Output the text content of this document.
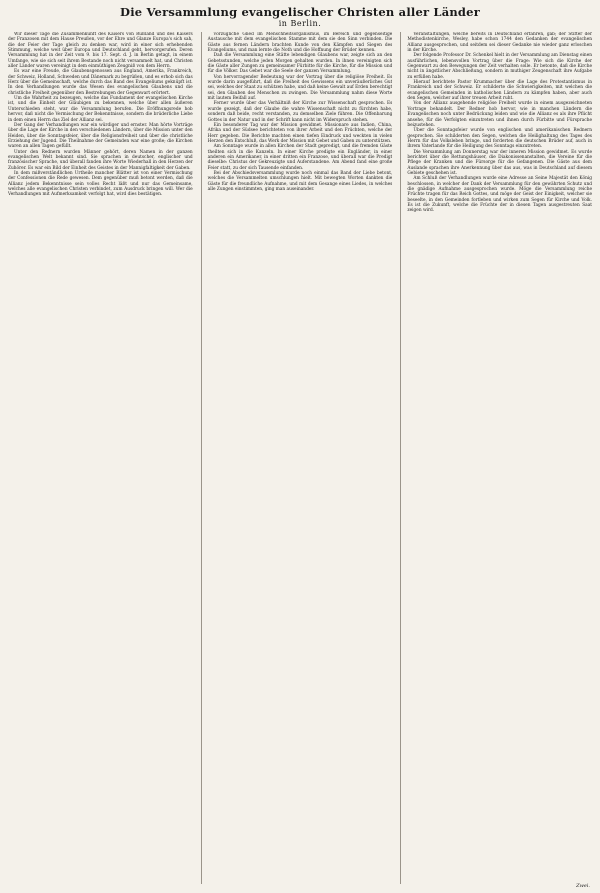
Die Versammlung evangelischer Christen aller Länder
in Berlin.

Wir dieser Tage die Zusammenkunft des Kaisers von Rußland und des Kaisers der Franzosen mit dem Hause Preußen, vor der Ehre und Glanze Europa's sich sah, die der Feier der Tage gleich zu denken war, wird in einer sich erhebenden Stimmung, welche weit über Europa und Deutschland geht, hervorgerufen. Deren Versammlung hat in der Zeit vom 9. bis 17. Sept. d. J. in Berlin getagt, in einem Umfange, wie sie sich seit ihrem Bestande noch nicht versammelt hat, und Christen aller Länder waren vereinigt in dem einmüthigen Zeugniß von dem Herrn.

Es war eine Freude, die Glaubensgenossen aus England, Amerika, Frankreich, der Schweiz, Holland, Schweden und Dänemark zu begrüßen, und es erhob sich das Herz über die Gemeinschaft, welche durch das Band des Evangeliums geknüpft ist. In den Verhandlungen wurde das Wesen des evangelischen Glaubens und die christliche Freiheit gegenüber den Bestrebungen der Gegenwart erörtert.

Um die Wahrheit zu bezeugen, welche das Fundament der evangelischen Kirche ist, und die Einheit der Gläubigen zu bekennen, welche über allen äußeren Unterschieden steht, war die Versammlung berufen. Die Eröffnungsrede hob hervor, daß nicht die Vermischung der Bekenntnisse, sondern die brüderliche Liebe in dem einen Herrn das Ziel der Allianz sei.

Der Gang der Verhandlungen war ein würdiger und ernster. Man hörte Vorträge über die Lage der Kirche in den verschiedenen Ländern, über die Mission unter den Heiden, über die Sonntagsfeier, über die Religionsfreiheit und über die christliche Erziehung der Jugend. Die Theilnahme der Gemeinden war eine große; die Kirchen waren an allen Tagen gefüllt.

Unter den Rednern wurden Männer gehört, deren Namen in der ganzen evangelischen Welt bekannt sind. Sie sprachen in deutscher, englischer und französischer Sprache, und überall fanden ihre Worte Wiederhall in den Herzen der Zuhörer. Es war ein Bild der Einheit des Geistes in der Mannigfaltigkeit der Gaben.

In dem mißverständlichen Urtheile mancher Blätter ist von einer Vermischung der Confessionen die Rede gewesen. Dem gegenüber muß betont werden, daß die Allianz jedem Bekenntnisse sein volles Recht läßt und nur das Gemeinsame, welches alle evangelischen Christen verbindet, zum Ausdruck bringen will. Wer die Verhandlungen mit Aufmerksamkeit verfolgt hat, wird dies bestätigen.

vorzügliche Glied im Menschheitsorganismus, im Bereich und gegenseitige Austausche mit dem evangelischen Stamme mit dem sie den Sinn verbinden. Die Gäste aus fernen Ländern brachten Kunde von den Kämpfen und Siegen des Evangeliums, und man lernte die Noth und die Hoffnung der Brüder kennen.

Daß die Versammlung eine Stätte lebendigen Glaubens war, zeigte sich an den Gebetsstunden, welche jeden Morgen gehalten wurden. In ihnen vereinigten sich die Gäste aller Zungen zu gemeinsamer Fürbitte für die Kirche, für die Mission und für die Völker. Das Gebet war die Seele der ganzen Versammlung.

Von hervorragender Bedeutung war der Vortrag über die religiöse Freiheit. Es wurde darin ausgeführt, daß die Freiheit des Gewissens ein unveräußerliches Gut sei, welches der Staat zu schützen habe, und daß keine Gewalt auf Erden berechtigt sei, den Glauben des Menschen zu zwingen. Die Versammlung nahm diese Worte mit lautem Beifall auf.

Ferner wurde über das Verhältniß der Kirche zur Wissenschaft gesprochen. Es wurde gezeigt, daß der Glaube die wahre Wissenschaft nicht zu fürchten habe, sondern daß beide, recht verstanden, zu demselben Ziele führen. Die Offenbarung Gottes in der Natur und in der Schrift kann nicht im Widerspruch stehen.

Ein besonderer Tag war der Mission gewidmet. Missionare aus Indien, China, Afrika und der Südsee berichteten von ihrer Arbeit und den Früchten, welche der Herr gegeben. Die Berichte machten einen tiefen Eindruck und weckten in vielen Herzen den Entschluß, das Werk der Mission mit Gebet und Gaben zu unterstützen.

Am Sonntage wurde in allen Kirchen der Stadt gepredigt, und die fremden Gäste theilten sich in die Kanzeln. In einer Kirche predigte ein Engländer, in einer anderen ein Amerikaner, in einer dritten ein Franzose, und überall war die Predigt dieselbe: Christus der Gekreuzigte und Auferstandene. Am Abend fand eine große Feier statt, zu der sich Tausende einfanden.

Bei der Abschiedsversammlung wurde noch einmal das Band der Liebe betont, welches die Versammelten umschlungen hielt. Mit bewegten Worten dankten die Gäste für die freundliche Aufnahme, und mit dem Gesange eines Liedes, in welches alle Zungen einstimmten, ging man auseinander.

Veranstaltungen, welche bereits in Deutschland erfahren, gab; der Stifter der Methodistenkirche, Wesley, habe schon 1744 den Gedanken der evangelischen Allianz ausgesprochen, und seitdem sei dieser Gedanke nie wieder ganz erloschen in der Kirche.

Der folgende Professor Dr. Schenkel hielt in der Versammlung am Dienstag einen ausführlichen, lebensvollen Vortrag über die Frage: Wie sich die Kirche der Gegenwart zu den Bewegungen der Zeit verhalten solle. Er betonte, daß die Kirche nicht in ängstlicher Abschließung, sondern in muthiger Zeugenschaft ihre Aufgabe zu erfüllen habe.

Hierauf berichtete Pastor Krummacher über die Lage des Protestantismus in Frankreich und der Schweiz. Er schilderte die Schwierigkeiten, mit welchen die evangelischen Gemeinden in katholischen Ländern zu kämpfen haben, aber auch den Segen, welcher auf ihrer treuen Arbeit ruht.

Von der Allianz ausgehende religiöse Freiheit wurde in einem ausgezeichneten Vortrage behandelt. Der Redner hob hervor, wie in manchen Ländern die Evangelischen noch unter Bedrückung leiden und wie die Allianz es als ihre Pflicht ansehe, für die Verfolgten einzutreten und ihnen durch Fürbitte und Fürsprache beizustehen.

Über die Sonntagsfeier wurde von englischen und amerikanischen Rednern gesprochen. Sie schilderten den Segen, welchen die Heilighaltung des Tages des Herrn für das Volksleben bringe, und forderten die deutschen Brüder auf, auch in ihrem Vaterlande für die Heiligung des Sonntags einzutreten.

Die Versammlung am Donnerstag war der inneren Mission gewidmet. Es wurde berichtet über die Rettungshäuser, die Diakonissenanstalten, die Vereine für die Pflege der Kranken und die Fürsorge für die Gefangenen. Die Gäste aus dem Auslande sprachen ihre Anerkennung über das aus, was in Deutschland auf diesem Gebiete geschehen ist.

Am Schluß der Verhandlungen wurde eine Adresse an Seine Majestät den König beschlossen, in welcher der Dank der Versammlung für den gewährten Schutz und die gnädige Aufnahme ausgesprochen wurde. Möge die Versammlung reiche Früchte tragen für das Reich Gottes, und möge der Geist der Einigkeit, welcher sie beseelte, in den Gemeinden fortleben und wirken zum Segen für Kirche und Volk. Es ist die Zukunft, welche die Früchte der in diesen Tagen ausgestreuten Saat zeigen wird.

Zwei.
